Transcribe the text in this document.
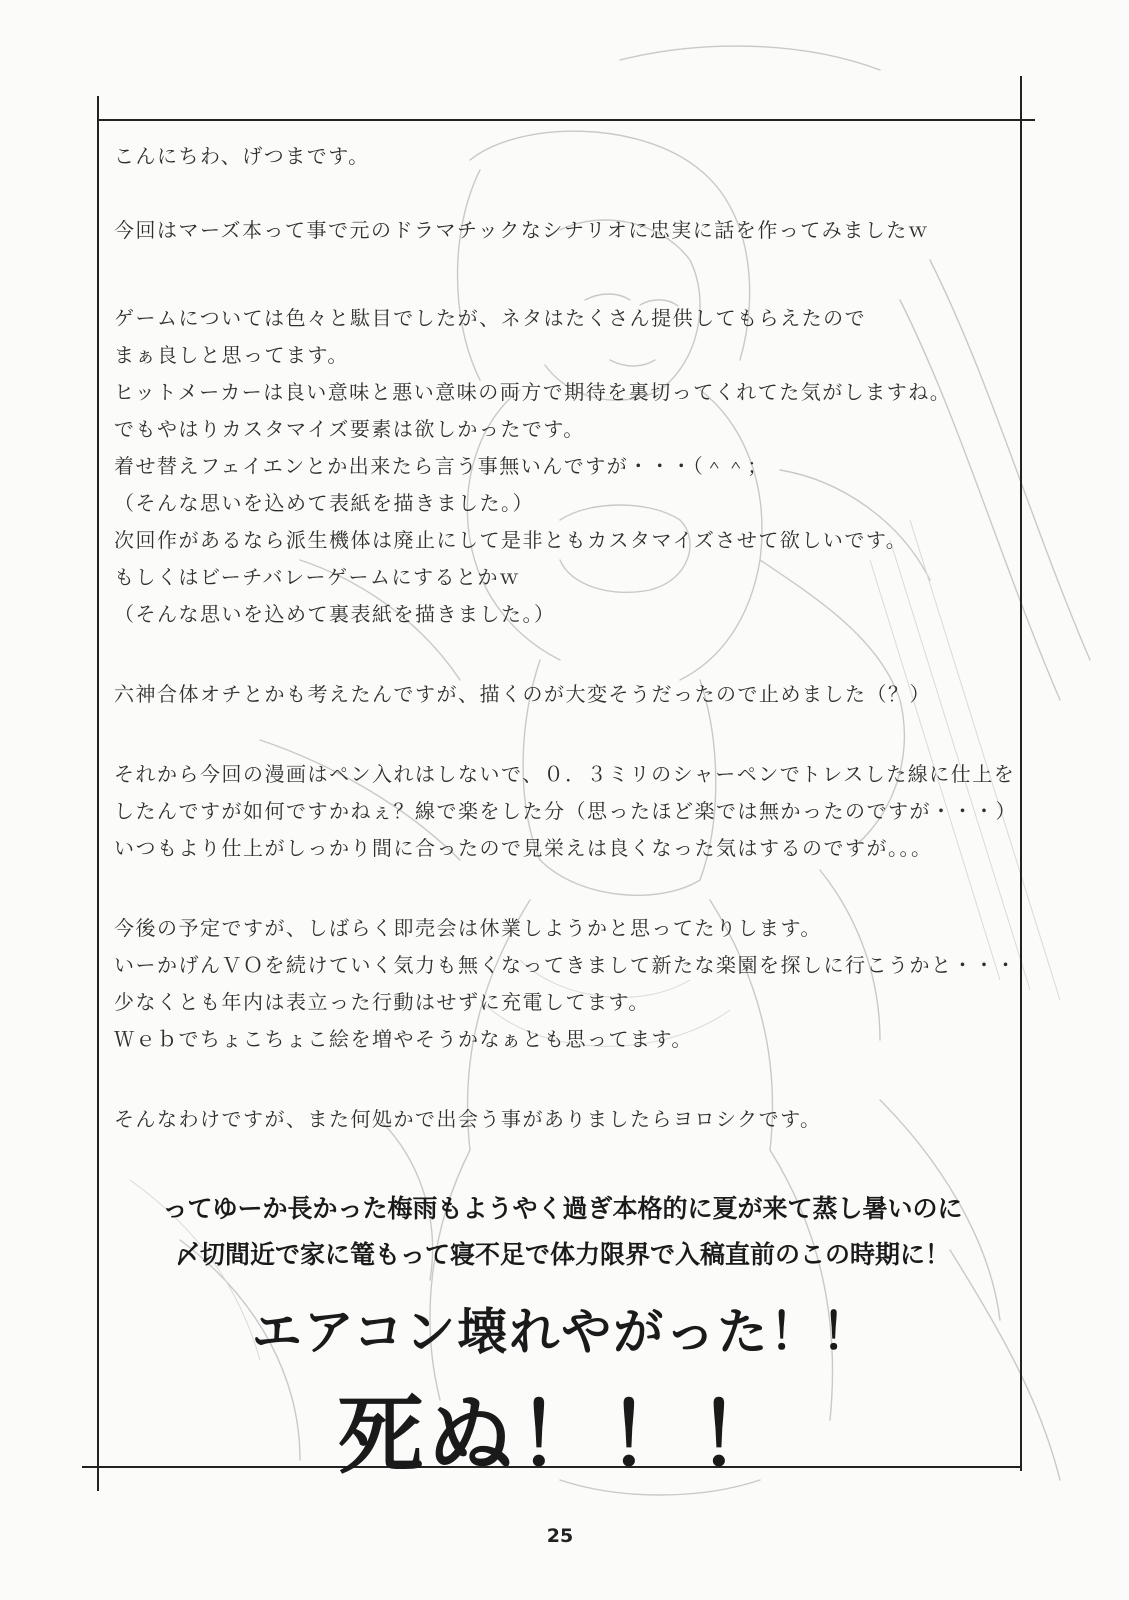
こんにちわ、げつまです。
今回はマーズ本って事で元のドラマチックなシナリオに忠実に話を作ってみましたｗ
ゲームについては色々と駄目でしたが、ネタはたくさん提供してもらえたので
まぁ良しと思ってます。
ヒットメーカーは良い意味と悪い意味の両方で期待を裏切ってくれてた気がしますね。
でもやはりカスタマイズ要素は欲しかったです。
着せ替えフェイエンとか出来たら言う事無いんですが・・・（＾＾；
（そんな思いを込めて表紙を描きました。）
次回作があるなら派生機体は廃止にして是非ともカスタマイズさせて欲しいです。
もしくはビーチバレーゲームにするとかｗ
（そんな思いを込めて裏表紙を描きました。）
六神合体オチとかも考えたんですが、描くのが大変そうだったので止めました（？）
それから今回の漫画はペン入れはしないで、０．３ミリのシャーペンでトレスした線に仕上を
したんですが如何ですかねぇ？線で楽をした分（思ったほど楽では無かったのですが・・・）
いつもより仕上がしっかり間に合ったので見栄えは良くなった気はするのですが。。。
今後の予定ですが、しばらく即売会は休業しようかと思ってたりします。
いーかげんＶＯを続けていく気力も無くなってきまして新たな楽園を探しに行こうかと・・・
少なくとも年内は表立った行動はせずに充電してます。
Ｗｅｂでちょこちょこ絵を増やそうかなぁとも思ってます。
そんなわけですが、また何処かで出会う事がありましたらヨロシクです。
ってゆーか長かった梅雨もようやく過ぎ本格的に夏が来て蒸し暑いのに
〆切間近で家に篭もって寝不足で体力限界で入稿直前のこの時期に！
エアコン壊れやがった！！
死ぬ！！！
25
